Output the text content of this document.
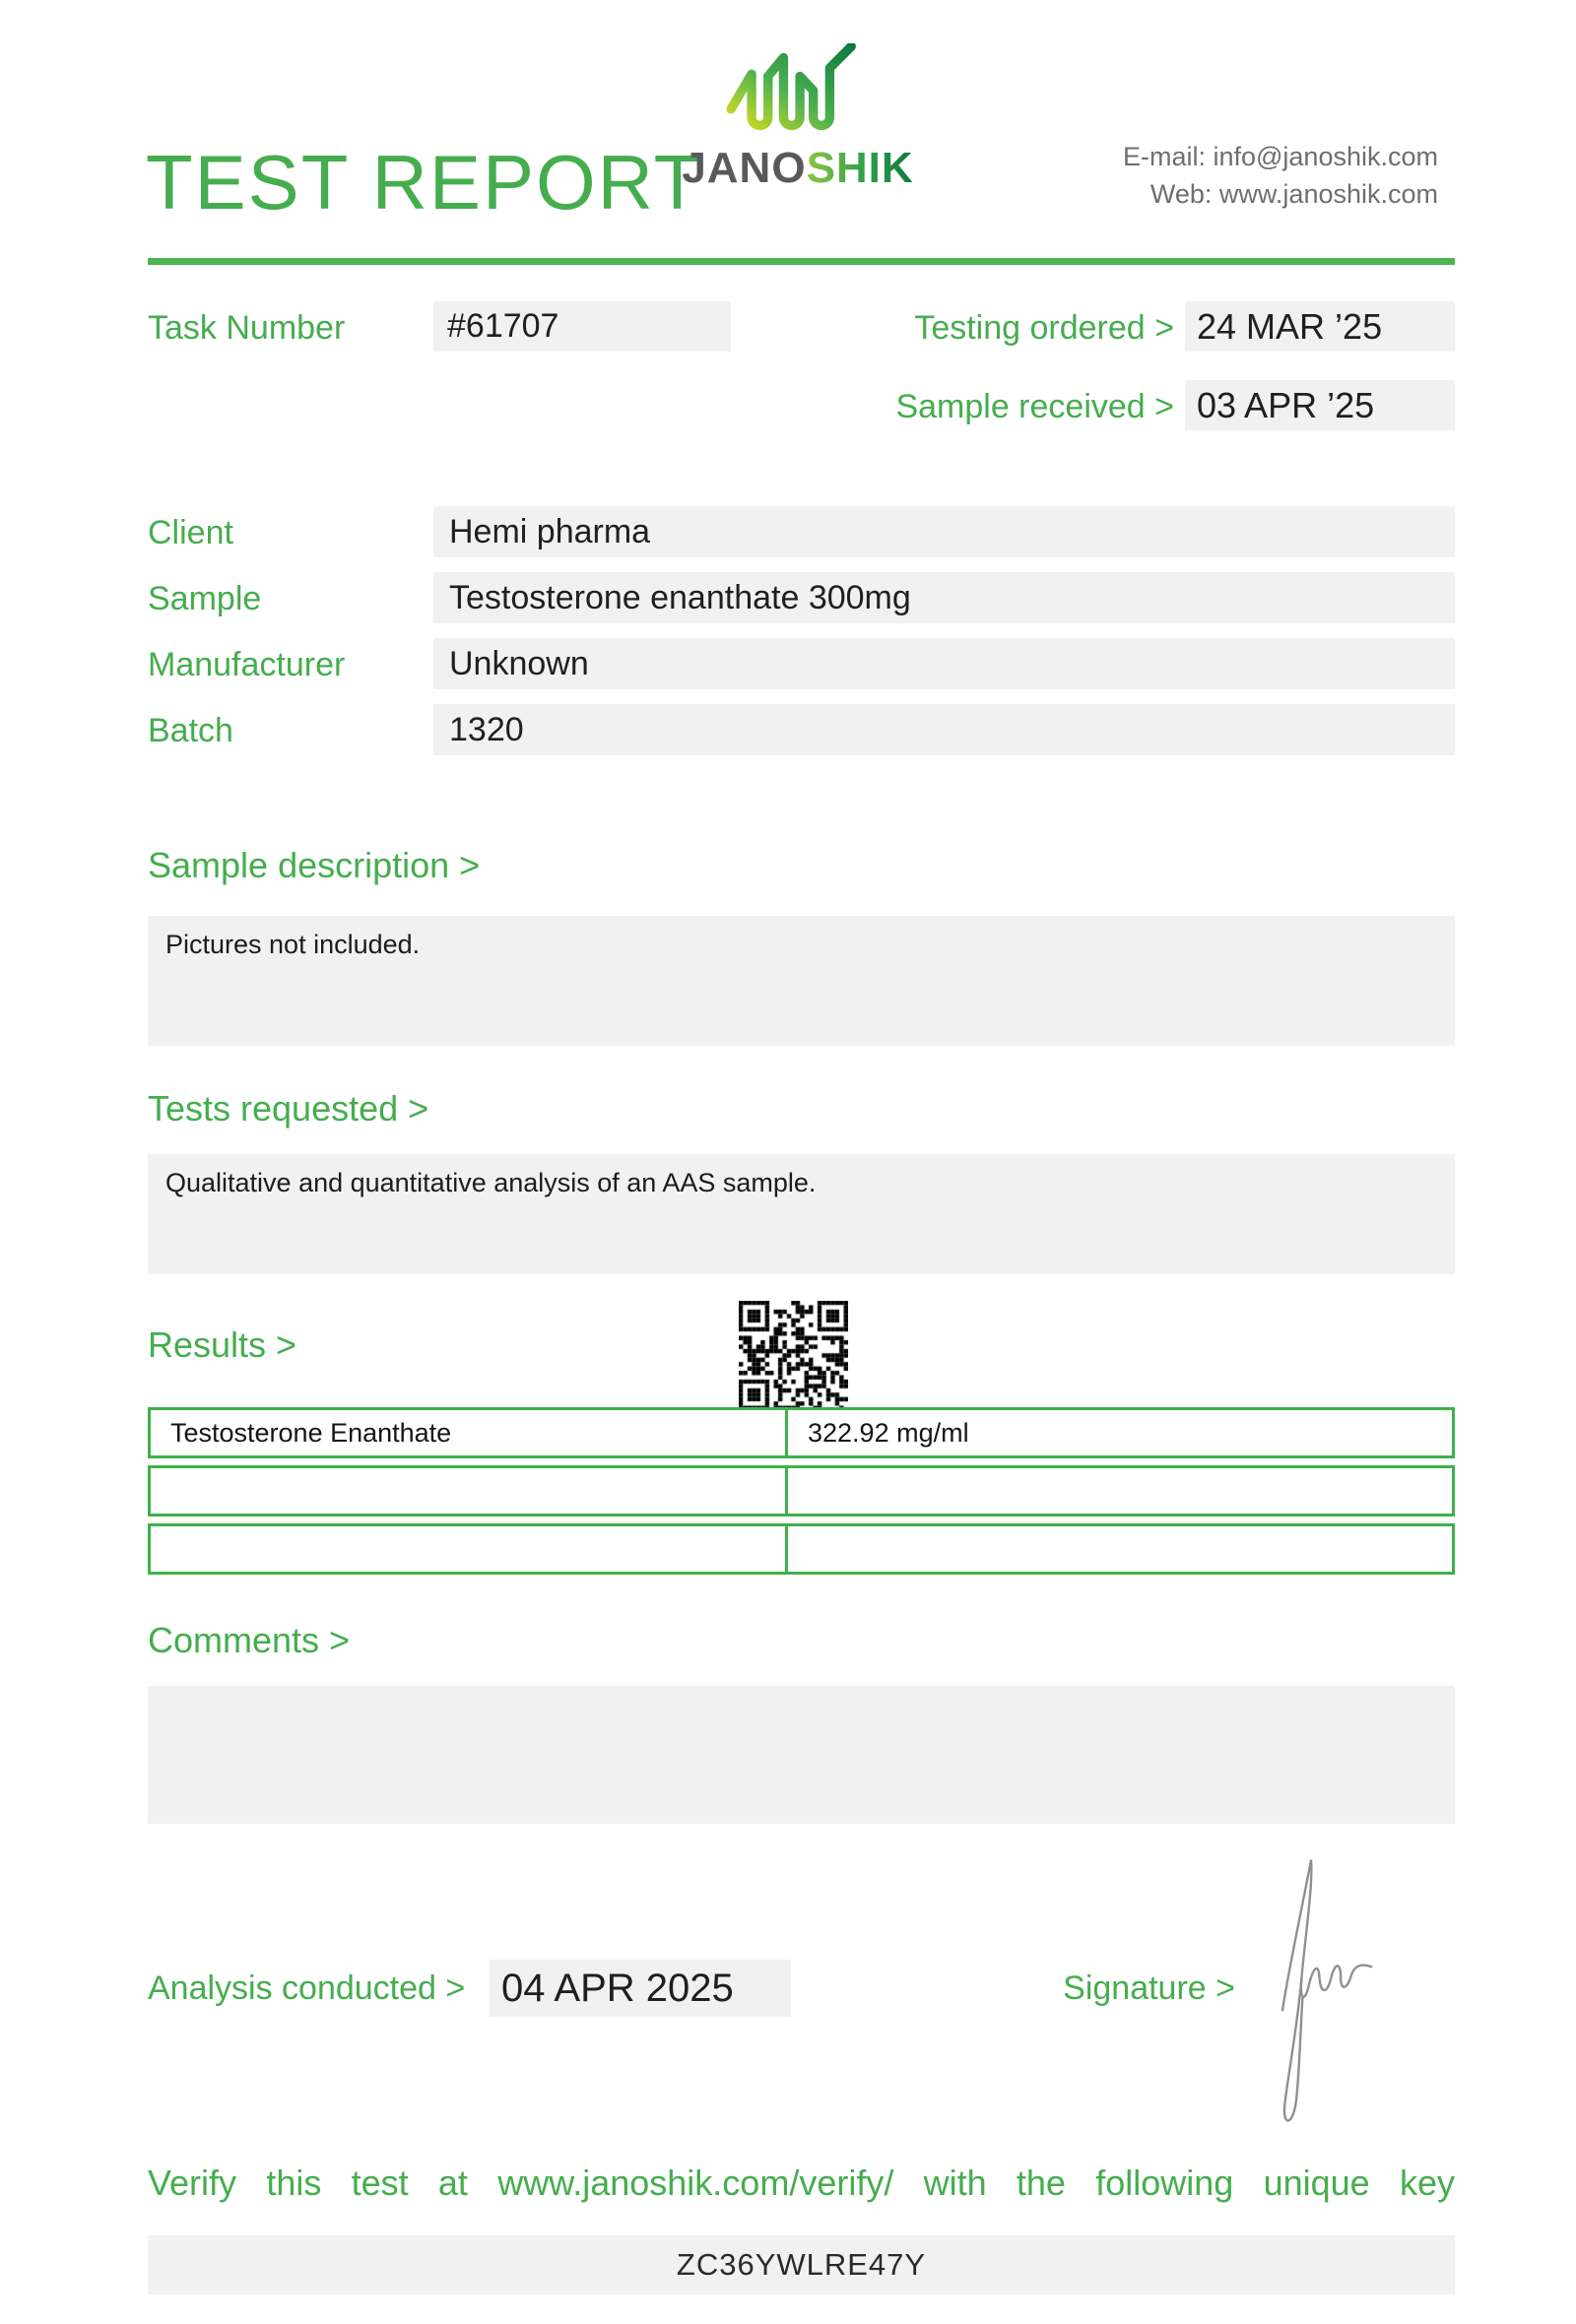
TEST REPORT
JANOSHIK	E-mail: info@janoshik.com
Web: www.janoshik.com
Task Number	#61707	Testing ordered > 24 MAR ’25
Sample received > 03 APR ’25
Client	Hemi pharma
Sample	Testosterone enanthate 300mg
Manufacturer	Unknown
Batch	1320
Sample description >
Pictures not included.
Tests requested >
Qualitative and quantitative analysis of an AAS sample.
Results >
Testosterone Enanthate	322.92 mg/ml
Comments >
Analysis conducted > 04 APR 2025	Signature >
Verify this test at www.janoshik.com/verify/ with the following unique key
ZC36YWLRE47Y
